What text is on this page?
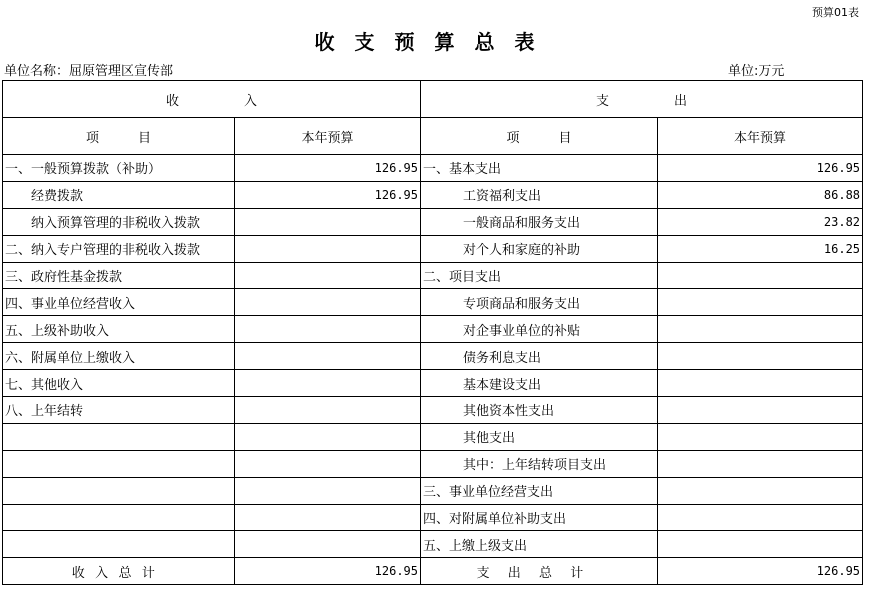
预算01表
收支预算总表
单位名称：屈原管理区宣传部	单位:万元
收　　　　　入		支　　　　　出	
项　　　目	本年预算	项　　　目	本年预算
一、一般预算拨款（补助）	126.95	一、基本支出	126.95
经费拨款	126.95	工资福利支出	86.88
纳入预算管理的非税收入拨款		一般商品和服务支出	23.82
二、纳入专户管理的非税收入拨款		对个人和家庭的补助	16.25
三、政府性基金拨款		二、项目支出	
四、事业单位经营收入		专项商品和服务支出	
五、上级补助收入		对企事业单位的补贴	
六、附属单位上缴收入		债务利息支出	
七、其他收入		基本建设支出	
八、上年结转		其他资本性支出	
		其他支出	
		其中：上年结转项目支出	
		三、事业单位经营支出	
		四、对附属单位补助支出	
		五、上缴上级支出	
收入总计	126.95	支出总计	126.95
